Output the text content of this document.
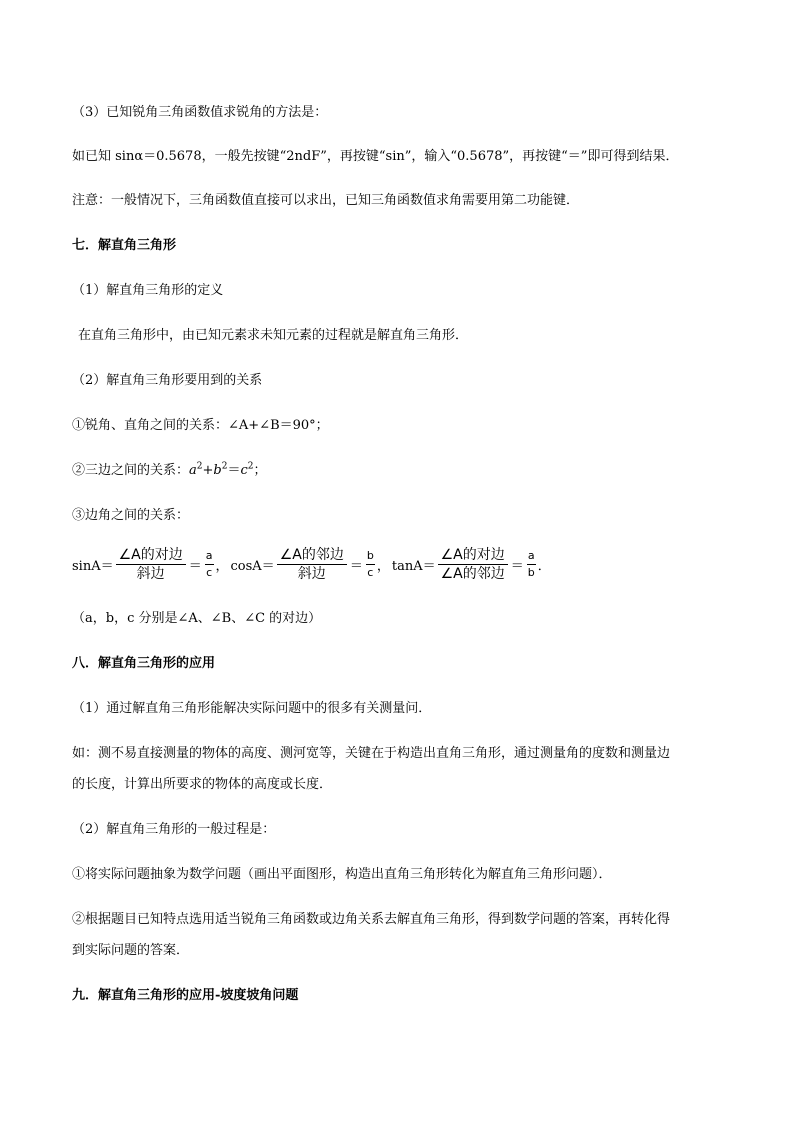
（3）已知锐角三角函数值求锐角的方法是：
如已知 sinα＝0.5678，一般先按键“2ndF”，再按键“sin”，输入“0.5678”，再按键“＝”即可得到结果．
注意：一般情况下，三角函数值直接可以求出，已知三角函数值求角需要用第二功能键．
七．解直角三角形
（1）解直角三角形的定义
在直角三角形中，由已知元素求未知元素的过程就是解直角三角形．
（2）解直角三角形要用到的关系
①锐角、直角之间的关系：∠A+∠B＝90°；
②三边之间的关系：$a^2+b^2=c^2$；
③边角之间的关系：
$\sin A= \frac{\text{∠A的对边}}{\text{斜边}} = \frac{a}{c}$ ， $\cos A= \frac{\text{∠A的邻边}}{\text{斜边}} = \frac{b}{c}$ ， $\tan A= \frac{\text{∠A的对边}}{\text{∠A的邻边}} = \frac{a}{b}$ ．
（a，b，c 分别是∠A、∠B、∠C 的对边）
八．解直角三角形的应用
（1）通过解直角三角形能解决实际问题中的很多有关测量问．
如：测不易直接测量的物体的高度、测河宽等，关键在于构造出直角三角形，通过测量角的度数和测量边
的长度，计算出所要求的物体的高度或长度．
（2）解直角三角形的一般过程是：
①将实际问题抽象为数学问题（画出平面图形，构造出直角三角形转化为解直角三角形问题）．
②根据题目已知特点选用适当锐角三角函数或边角关系去解直角三角形，得到数学问题的答案，再转化得
到实际问题的答案．
九．解直角三角形的应用-坡度坡角问题
